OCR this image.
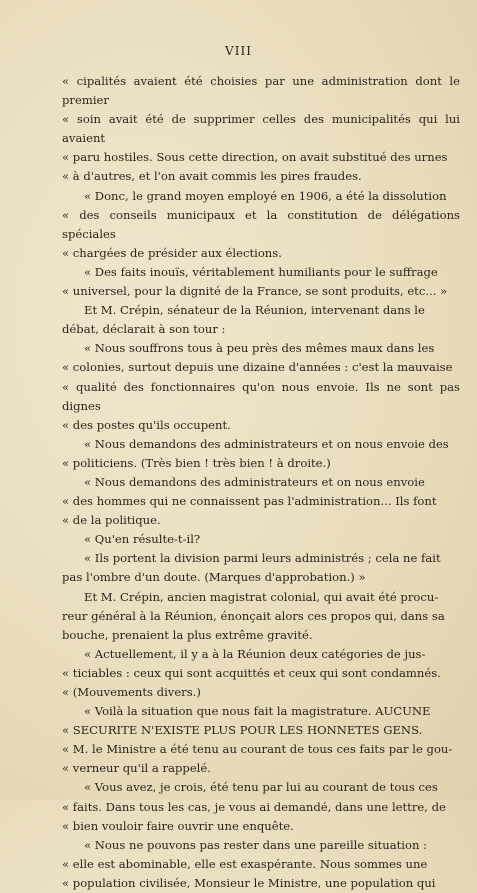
VIII

« cipalités avaient été choisies par une administration dont le premier

« soin avait été de supprimer celles des municipalités qui lui avaient

« paru hostiles. Sous cette direction, on avait substitué des urnes

« à d'autres, et l'on avait commis les pires fraudes.

« Donc, le grand moyen employé en 1906, a été la dissolution

« des conseils municipaux et la constitution de délégations spéciales

« chargées de présider aux élections.

« Des faits inouïs, véritablement humiliants pour le suffrage

« universel, pour la dignité de la France, se sont produits, etc... »

Et M. Crépin, sénateur de la Réunion, intervenant dans le

débat, déclarait à son tour :

« Nous souffrons tous à peu près des mêmes maux dans les

« colonies, surtout depuis une dizaine d'années : c'est la mauvaise

« qualité des fonctionnaires qu'on nous envoie. Ils ne sont pas dignes

« des postes qu'ils occupent.

« Nous demandons des administrateurs et on nous envoie des

« politiciens. (Très bien ! très bien ! à droite.)

« Nous demandons des administrateurs et on nous envoie

« des hommes qui ne connaissent pas l'administration... Ils font

« de la politique.

« Qu'en résulte-t-il?

« Ils portent la division parmi leurs administrés ; cela ne fait

pas l'ombre d'un doute. (Marques d'approbation.) »

Et M. Crépin, ancien magistrat colonial, qui avait été procu-

reur général à la Réunion, énonçait alors ces propos qui, dans sa

bouche, prenaient la plus extrême gravité.

« Actuellement, il y a à la Réunion deux catégories de jus-

« ticiables : ceux qui sont acquittés et ceux qui sont condamnés.

« (Mouvements divers.)

« Voilà la situation que nous fait la magistrature. AUCUNE

« SECURITE N'EXISTE PLUS POUR LES HONNETES GENS.

« M. le Ministre a été tenu au courant de tous ces faits par le gou-

« verneur qu'il a rappelé.

« Vous avez, je crois, été tenu par lui au courant de tous ces

« faits. Dans tous les cas, je vous ai demandé, dans une lettre, de

« bien vouloir faire ouvrir une enquête.

« Nous ne pouvons pas rester dans une pareille situation :

« elle est abominable, elle est exaspérante. Nous sommes une

« population civilisée, Monsieur le Ministre, une population qui
